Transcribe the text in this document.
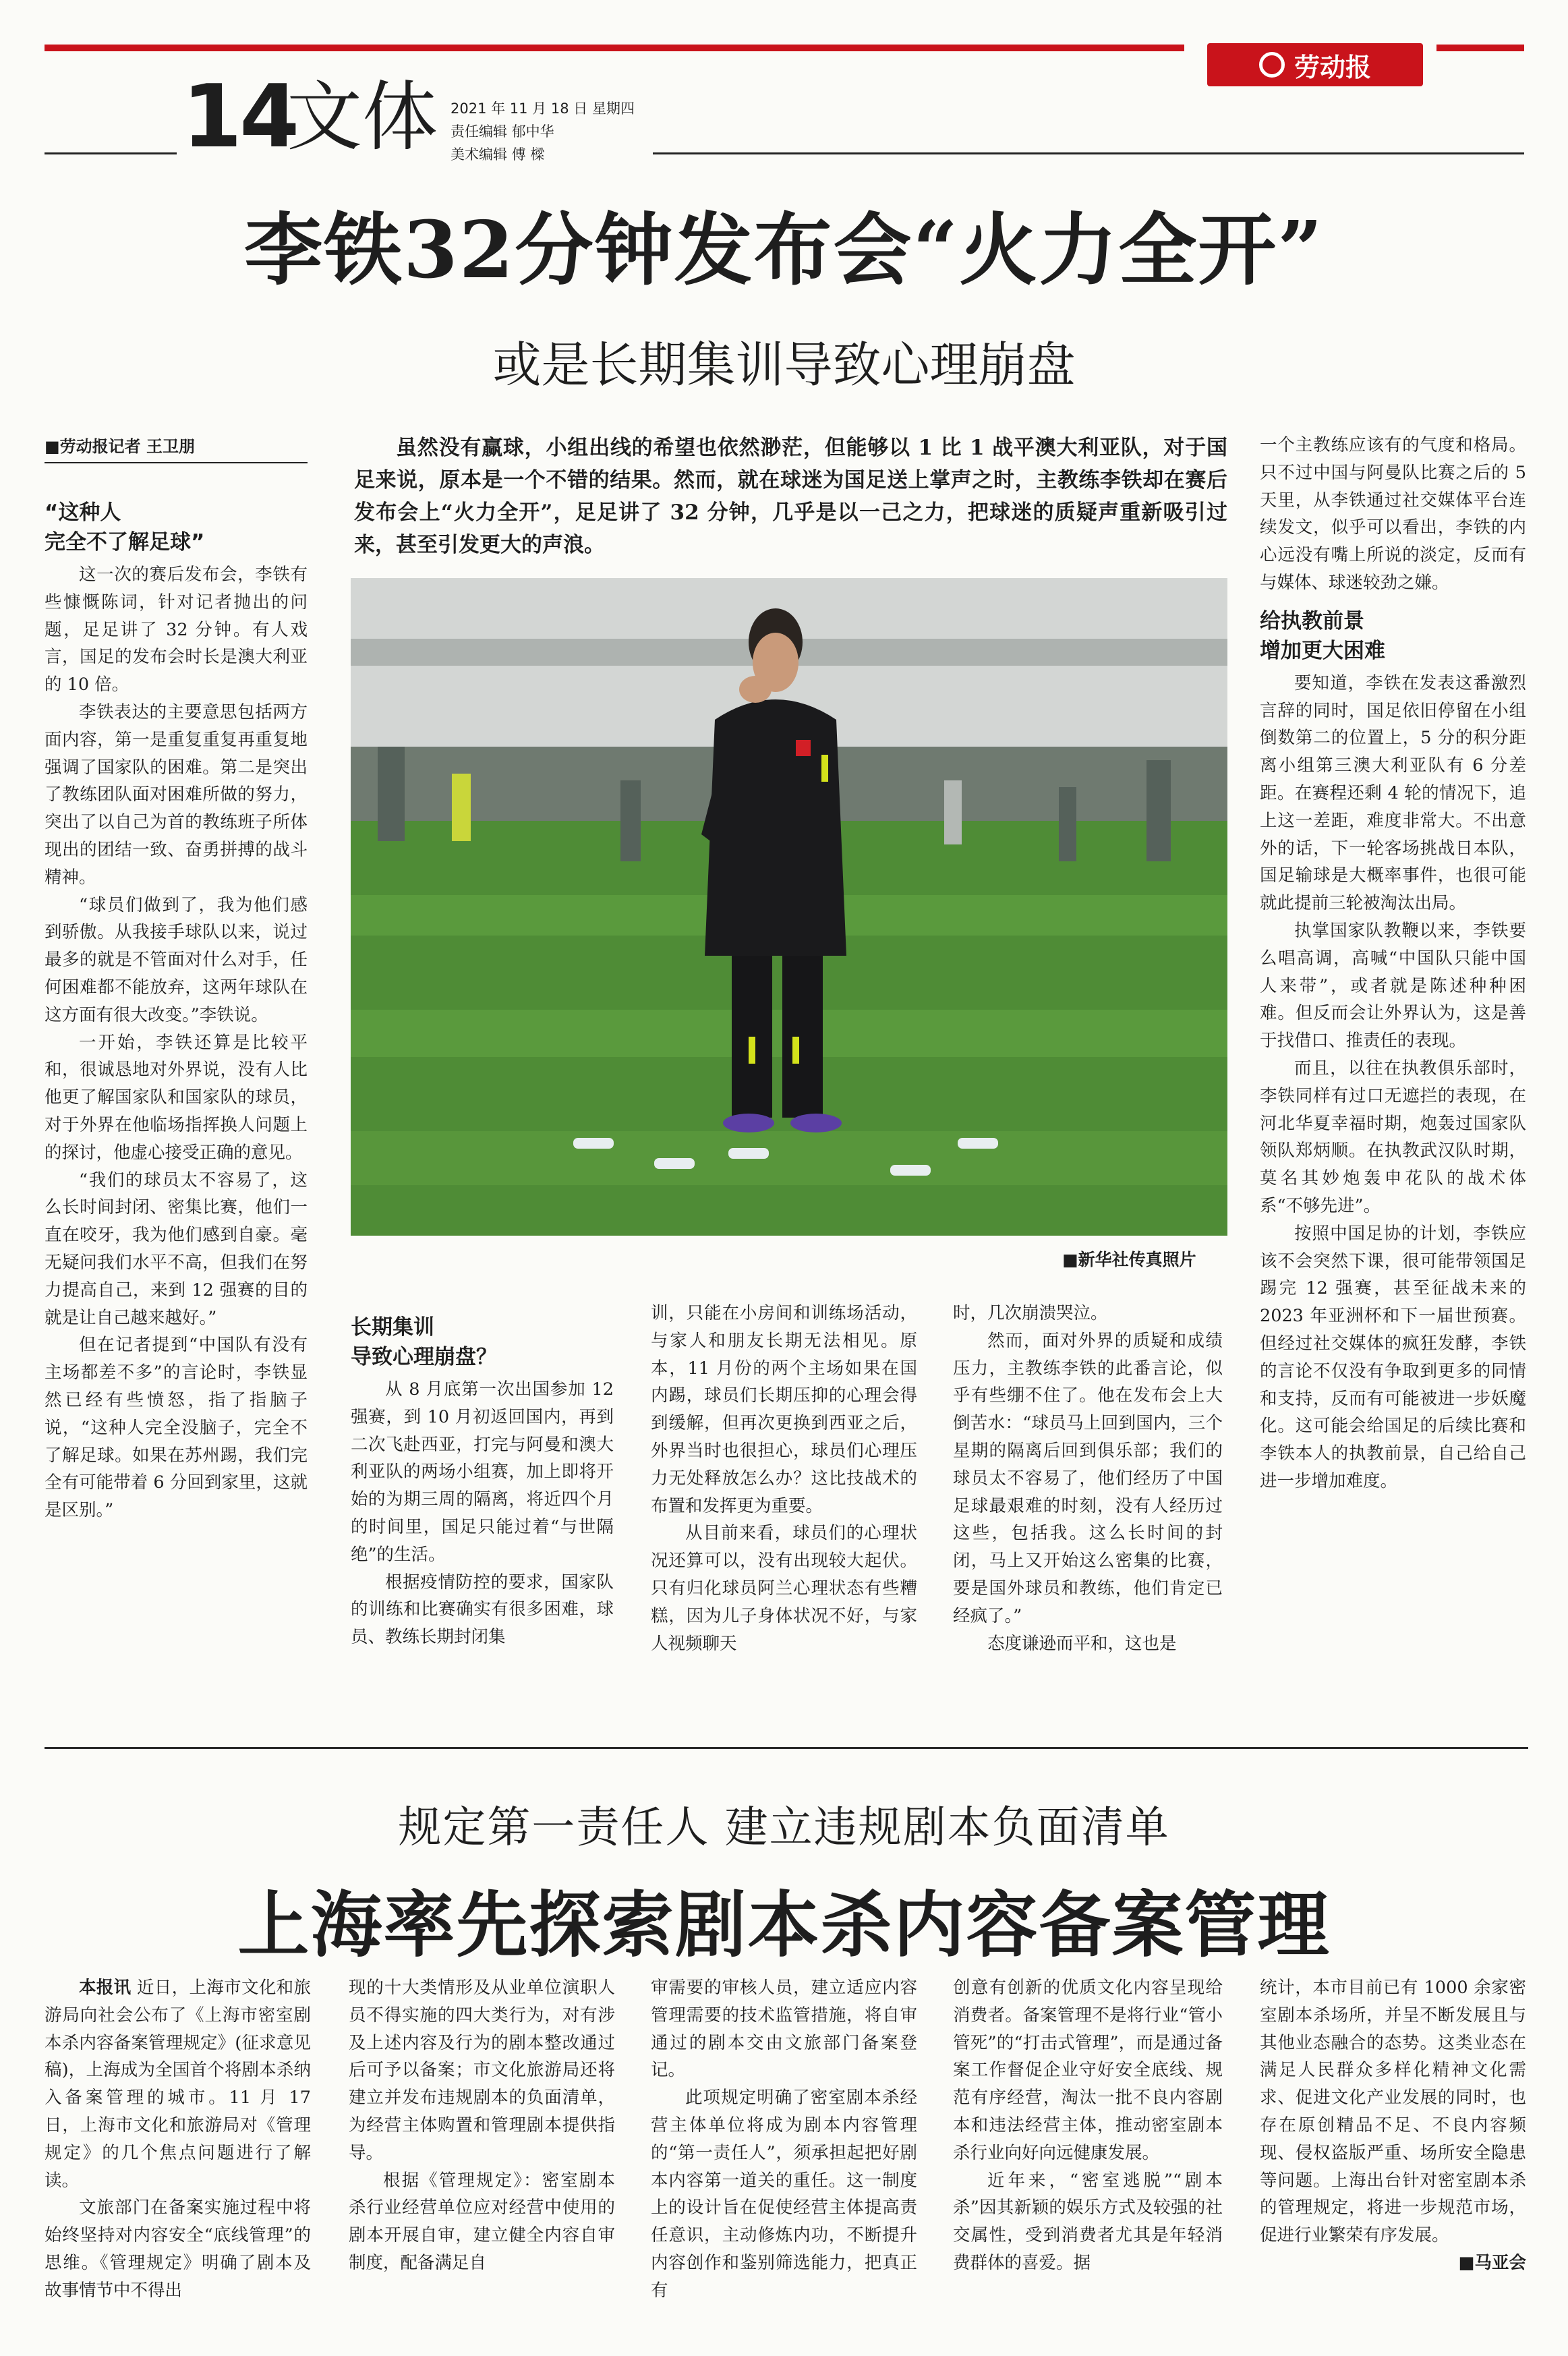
劳动报
14
文体 2021 年 11 月 18 日 星期四
责任编辑 郁中华
美术编辑 傅 樑
李铁32分钟发布会“火力全开”
或是长期集训导致心理崩盘
■劳动报记者 王卫朋

“这种人

完全不了解足球”

这一次的赛后发布会，李铁有些慷慨陈词，针对记者抛出的问题，足足讲了 32 分钟。有人戏言，国足的发布会时长是澳大利亚的 10 倍。

李铁表达的主要意思包括两方面内容，第一是重复重复再重复地强调了国家队的困难。第二是突出了教练团队面对困难所做的努力，突出了以自己为首的教练班子所体现出的团结一致、奋勇拼搏的战斗精神。

“球员们做到了，我为他们感到骄傲。从我接手球队以来，说过最多的就是不管面对什么对手，任何困难都不能放弃，这两年球队在这方面有很大改变。”李铁说。

一开始，李铁还算是比较平和，很诚恳地对外界说，没有人比他更了解国家队和国家队的球员，对于外界在他临场指挥换人问题上的探讨，他虚心接受正确的意见。

“我们的球员太不容易了，这么长时间封闭、密集比赛，他们一直在咬牙，我为他们感到自豪。毫无疑问我们水平不高，但我们在努力提高自己，来到 12 强赛的目的就是让自己越来越好。”

但在记者提到“中国队有没有主场都差不多”的言论时，李铁显然已经有些愤怒，指了指脑子说，“这种人完全没脑子，完全不了解足球。如果在苏州踢，我们完全有可能带着 6 分回到家里，这就是区别。”

虽然没有赢球，小组出线的希望也依然渺茫，但能够以 1 比 1 战平澳大利亚队，对于国足来说，原本是一个不错的结果。然而，就在球迷为国足送上掌声之时，主教练李铁却在赛后发布会上“火力全开”，足足讲了 32 分钟，几乎是以一己之力，把球迷的质疑声重新吸引过来，甚至引发更大的声浪。
■新华社传真照片

长期集训

导致心理崩盘？

从 8 月底第一次出国参加 12 强赛，到 10 月初返回国内，再到二次飞赴西亚，打完与阿曼和澳大利亚队的两场小组赛，加上即将开始的为期三周的隔离，将近四个月的时间里，国足只能过着“与世隔绝”的生活。

根据疫情防控的要求，国家队的训练和比赛确实有很多困难，球员、教练长期封闭集

训，只能在小房间和训练场活动，与家人和朋友长期无法相见。原本，11 月份的两个主场如果在国内踢，球员们长期压抑的心理会得到缓解，但再次更换到西亚之后，外界当时也很担心，球员们心理压力无处释放怎么办？这比技战术的布置和发挥更为重要。

从目前来看，球员们的心理状况还算可以，没有出现较大起伏。只有归化球员阿兰心理状态有些糟糕，因为儿子身体状况不好，与家人视频聊天

时，几次崩溃哭泣。

然而，面对外界的质疑和成绩压力，主教练李铁的此番言论，似乎有些绷不住了。他在发布会上大倒苦水：“球员马上回到国内，三个星期的隔离后回到俱乐部；我们的球员太不容易了，他们经历了中国足球最艰难的时刻，没有人经历过这些，包括我。这么长时间的封闭，马上又开始这么密集的比赛，要是国外球员和教练，他们肯定已经疯了。”

态度谦逊而平和，这也是

一个主教练应该有的气度和格局。只不过中国与阿曼队比赛之后的 5 天里，从李铁通过社交媒体平台连续发文，似乎可以看出，李铁的内心远没有嘴上所说的淡定，反而有与媒体、球迷较劲之嫌。

给执教前景

增加更大困难

要知道，李铁在发表这番激烈言辞的同时，国足依旧停留在小组倒数第二的位置上，5 分的积分距离小组第三澳大利亚队有 6 分差距。在赛程还剩 4 轮的情况下，追上这一差距，难度非常大。不出意外的话，下一轮客场挑战日本队，国足输球是大概率事件，也很可能就此提前三轮被淘汰出局。

执掌国家队教鞭以来，李铁要么唱高调，高喊“中国队只能中国人来带”，或者就是陈述种种困难。但反而会让外界认为，这是善于找借口、推责任的表现。

而且，以往在执教俱乐部时，李铁同样有过口无遮拦的表现，在河北华夏幸福时期，炮轰过国家队领队郑炳顺。在执教武汉队时期，莫名其妙炮轰申花队的战术体系“不够先进”。

按照中国足协的计划，李铁应该不会突然下课，很可能带领国足踢完 12 强赛，甚至征战未来的 2023 年亚洲杯和下一届世预赛。但经过社交媒体的疯狂发酵，李铁的言论不仅没有争取到更多的同情和支持，反而有可能被进一步妖魔化。这可能会给国足的后续比赛和李铁本人的执教前景，自己给自己进一步增加难度。

规定第一责任人 建立违规剧本负面清单
上海率先探索剧本杀内容备案管理

本报讯 近日，上海市文化和旅游局向社会公布了《上海市密室剧本杀内容备案管理规定》(征求意见稿)，上海成为全国首个将剧本杀纳入备案管理的城市。11 月 17 日，上海市文化和旅游局对《管理规定》的几个焦点问题进行了解读。

文旅部门在备案实施过程中将始终坚持对内容安全“底线管理”的思维。《管理规定》明确了剧本及故事情节中不得出

现的十大类情形及从业单位演职人员不得实施的四大类行为，对有涉及上述内容及行为的剧本整改通过后可予以备案；市文化旅游局还将建立并发布违规剧本的负面清单，为经营主体购置和管理剧本提供指导。

根据《管理规定》：密室剧本杀行业经营单位应对经营中使用的剧本开展自审，建立健全内容自审制度，配备满足自

审需要的审核人员，建立适应内容管理需要的技术监管措施，将自审通过的剧本交由文旅部门备案登记。

此项规定明确了密室剧本杀经营主体单位将成为剧本内容管理的“第一责任人”，须承担起把好剧本内容第一道关的重任。这一制度上的设计旨在促使经营主体提高责任意识，主动修炼内功，不断提升内容创作和鉴别筛选能力，把真正有

创意有创新的优质文化内容呈现给消费者。备案管理不是将行业“管小管死”的“打击式管理”，而是通过备案工作督促企业守好安全底线、规范有序经营，淘汰一批不良内容剧本和违法经营主体，推动密室剧本杀行业向好向远健康发展。

近年来，“密室逃脱”“剧本杀”因其新颖的娱乐方式及较强的社交属性，受到消费者尤其是年轻消费群体的喜爱。据

统计，本市目前已有 1000 余家密室剧本杀场所，并呈不断发展且与其他业态融合的态势。这类业态在满足人民群众多样化精神文化需求、促进文化产业发展的同时，也存在原创精品不足、不良内容频现、侵权盗版严重、场所安全隐患等问题。上海出台针对密室剧本杀的管理规定，将进一步规范市场，促进行业繁荣有序发展。

■马亚会
